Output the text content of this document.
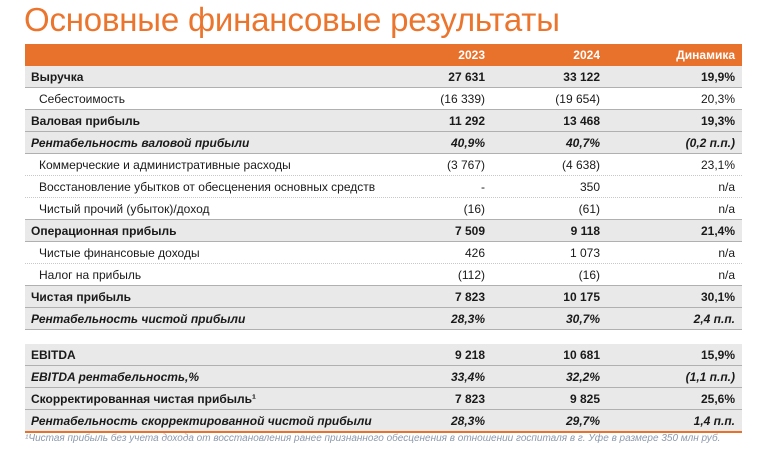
Основные финансовые результаты
2023	2024	Динамика
Выручка	27 631	33 122	19,9%
Себестоимость	(16 339)	(19 654)	20,3%
Валовая прибыль	11 292	13 468	19,3%
Рентабельность валовой прибыли	40,9%	40,7%	(0,2 п.п.)
Коммерческие и административные расходы	(3 767)	(4 638)	23,1%
Восстановление убытков от обесценения основных средств	-	350	n/a
Чистый прочий (убыток)/доход	(16)	(61)	n/a
Операционная прибыль	7 509	9 118	21,4%
Чистые финансовые доходы	426	1 073	n/a
Налог на прибыль	(112)	(16)	n/a
Чистая прибыль	7 823	10 175	30,1%
Рентабельность чистой прибыли	28,3%	30,7%	2,4 п.п.
EBITDA	9 218	10 681	15,9%
EBITDA рентабельность,%	33,4%	32,2%	(1,1 п.п.)
Скорректированная чистая прибыль¹	7 823	9 825	25,6%
Рентабельность скорректированной чистой прибыли	28,3%	29,7%	1,4 п.п.
¹Чистая прибыль без учета дохода от восстановления ранее признанного обесценения в отношении госпиталя в г. Уфе в размере 350 млн руб.
